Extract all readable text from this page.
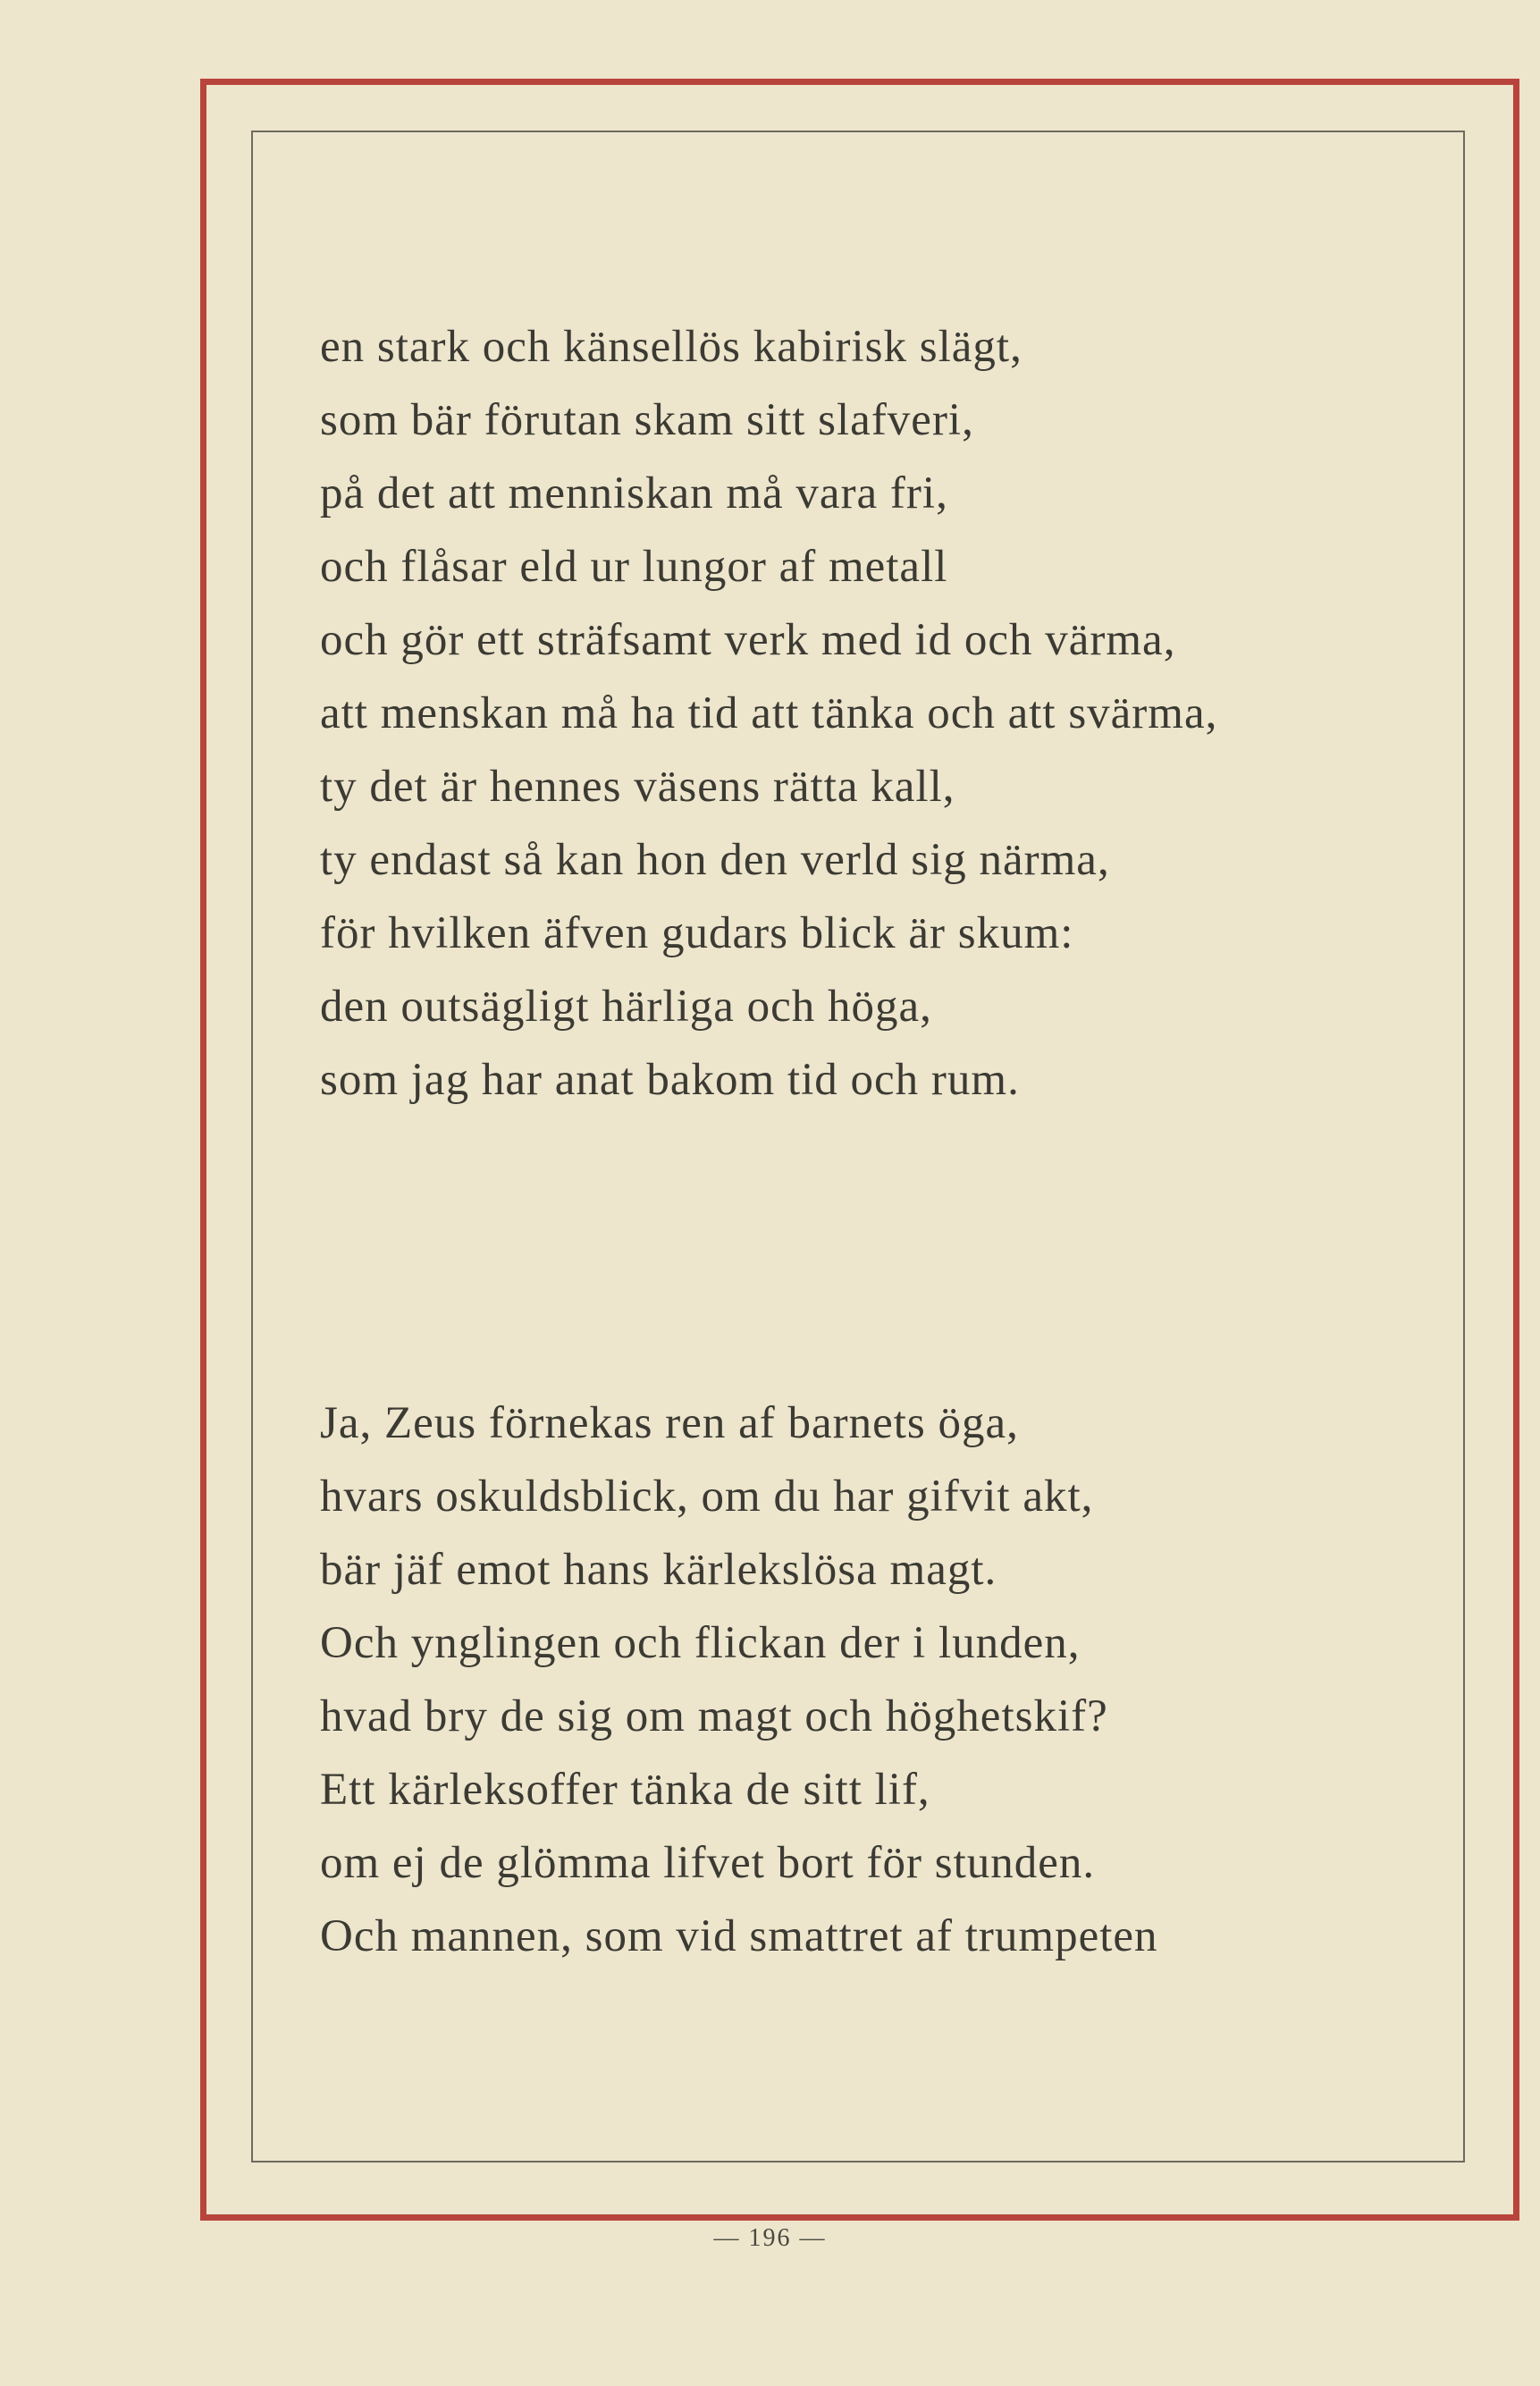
en stark och känsellös kabirisk slägt,
som bär förutan skam sitt slafveri,
på det att menniskan må vara fri,
och flåsar eld ur lungor af metall
och gör ett sträfsamt verk med id och värma,
att menskan må ha tid att tänka och att svärma,
ty det är hennes väsens rätta kall,
ty endast så kan hon den verld sig närma,
för hvilken äfven gudars blick är skum:
den outsägligt härliga och höga,
som jag har anat bakom tid och rum.
Ja, Zeus förnekas ren af barnets öga,
hvars oskuldsblick, om du har gifvit akt,
bär jäf emot hans kärlekslösa magt.
Och ynglingen och flickan der i lunden,
hvad bry de sig om magt och höghetskif?
Ett kärleksoffer tänka de sitt lif,
om ej de glömma lifvet bort för stunden.
Och mannen, som vid smattret af trumpeten
— 196 —
